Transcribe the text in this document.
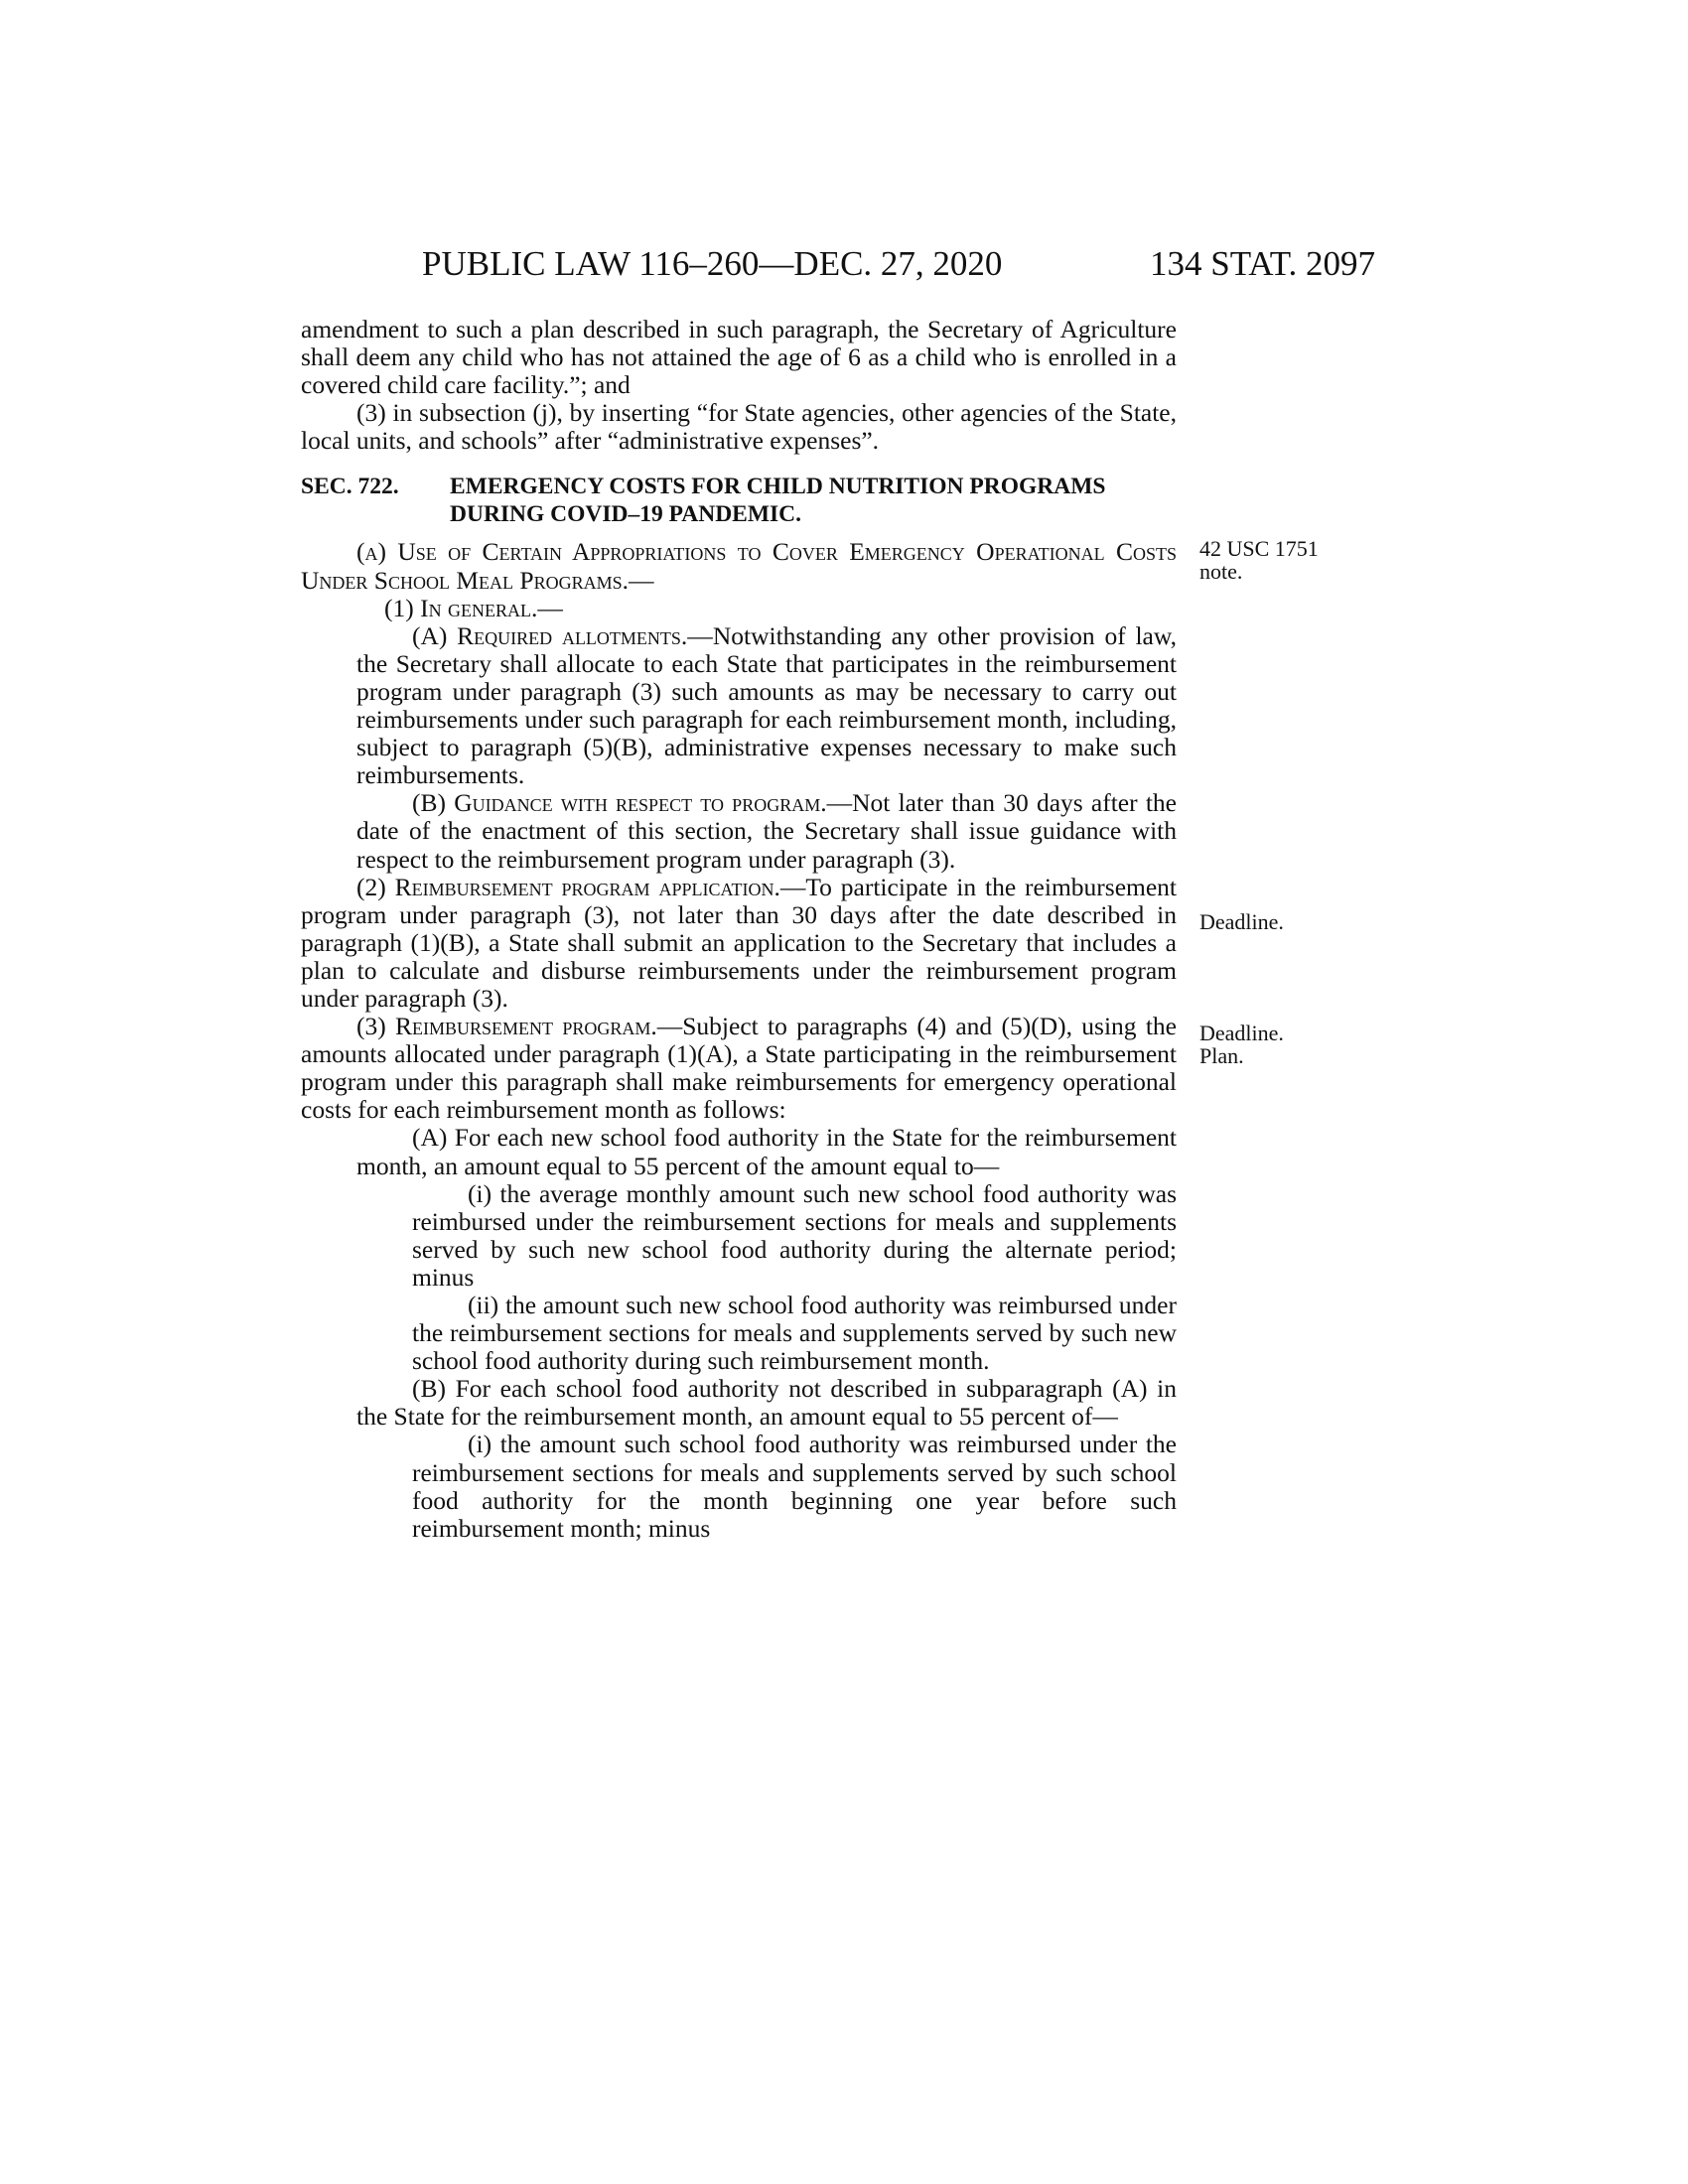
PUBLIC LAW 116–260—DEC. 27, 2020	134 STAT. 2097
42 USC 1751
note.
Deadline.
Deadline.
Plan.

amendment to such a plan described in such paragraph, the Secretary of Agriculture shall deem any child who has not attained the age of 6 as a child who is enrolled in a covered child care facility.”; and

(3) in subsection (j), by inserting “for State agencies, other agencies of the State, local units, and schools” after “administrative expenses”.

SEC. 722. EMERGENCY COSTS FOR CHILD NUTRITION PROGRAMS
DURING COVID–19 PANDEMIC.

(a) Use of Certain Appropriations to Cover Emergency Operational Costs Under School Meal Programs.—

(1) In general.—

(A) Required allotments.—Notwithstanding any other provision of law, the Secretary shall allocate to each State that participates in the reimbursement program under paragraph (3) such amounts as may be necessary to carry out reimbursements under such paragraph for each reimbursement month, including, subject to paragraph (5)(B), administrative expenses necessary to make such reimbursements.

(B) Guidance with respect to program.—Not later than 30 days after the date of the enactment of this section, the Secretary shall issue guidance with respect to the reimbursement program under paragraph (3).

(2) Reimbursement program application.—To participate in the reimbursement program under paragraph (3), not later than 30 days after the date described in paragraph (1)(B), a State shall submit an application to the Secretary that includes a plan to calculate and disburse reimbursements under the reimbursement program under paragraph (3).

(3) Reimbursement program.—Subject to paragraphs (4) and (5)(D), using the amounts allocated under paragraph (1)(A), a State participating in the reimbursement program under this paragraph shall make reimbursements for emergency operational costs for each reimbursement month as follows:

(A) For each new school food authority in the State for the reimbursement month, an amount equal to 55 percent of the amount equal to—

(i) the average monthly amount such new school food authority was reimbursed under the reimbursement sections for meals and supplements served by such new school food authority during the alternate period; minus

(ii) the amount such new school food authority was reimbursed under the reimbursement sections for meals and supplements served by such new school food authority during such reimbursement month.

(B) For each school food authority not described in subparagraph (A) in the State for the reimbursement month, an amount equal to 55 percent of—

(i) the amount such school food authority was reimbursed under the reimbursement sections for meals and supplements served by such school food authority for the month beginning one year before such reimbursement month; minus
